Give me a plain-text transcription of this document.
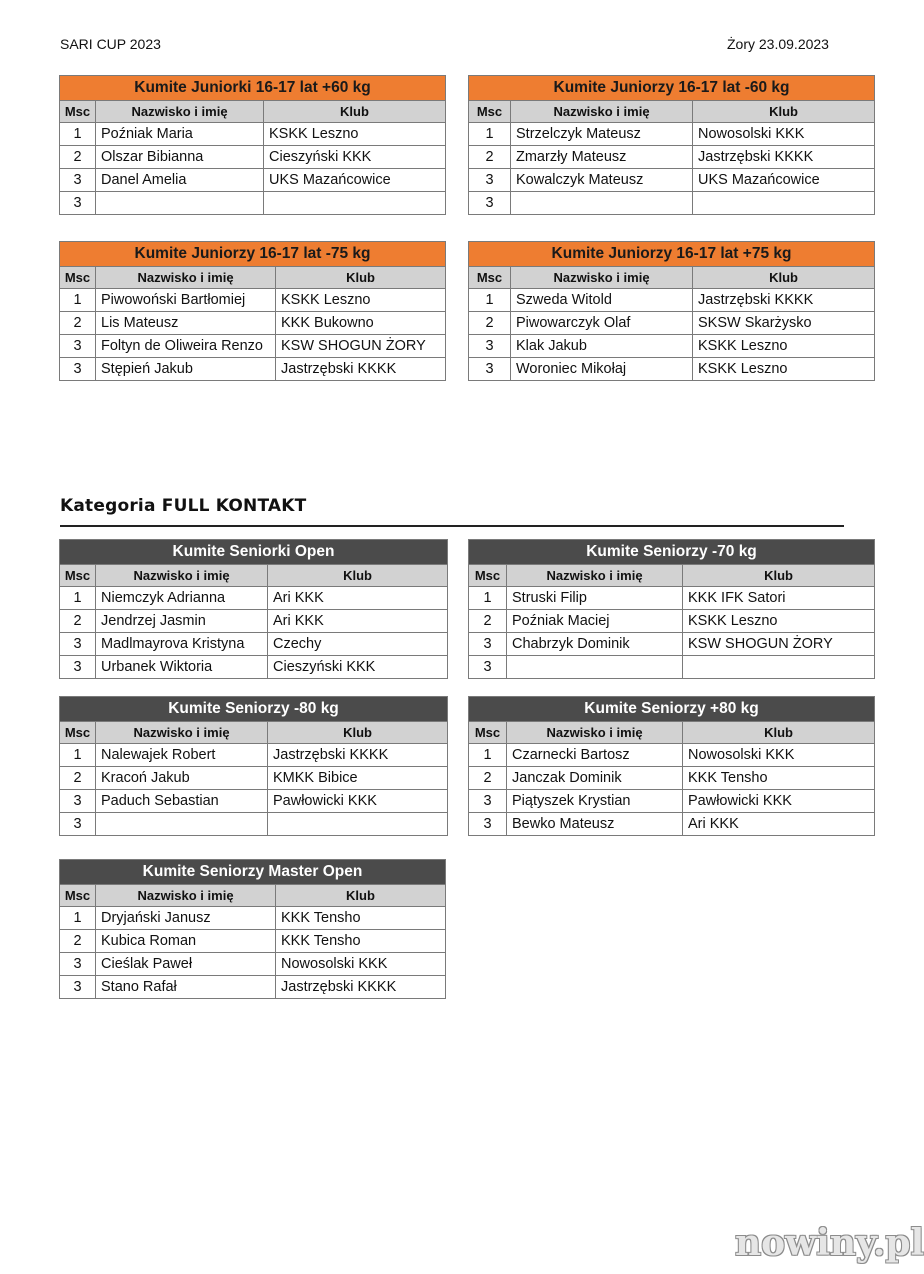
SARI CUP 2023	Żory 23.09.2023
Kategoria FULL KONTAKT
Kumite Juniorki 16-17 lat +60 kg		
Msc	Nazwisko i imię	Klub
1	Poźniak Maria	KSKK Leszno
2	Olszar Bibianna	Cieszyński KKK
3	Danel Amelia	UKS Mazańcowice
3		
Kumite Juniorzy 16-17 lat -60 kg		
Msc	Nazwisko i imię	Klub
1	Strzelczyk Mateusz	Nowosolski KKK
2	Zmarzły Mateusz	Jastrzębski KKKK
3	Kowalczyk Mateusz	UKS Mazańcowice
3		
Kumite Juniorzy 16-17 lat -75 kg		
Msc	Nazwisko i imię	Klub
1	Piwowoński Bartłomiej	KSKK Leszno
2	Lis Mateusz	KKK Bukowno
3	Foltyn de Oliweira Renzo	KSW SHOGUN ŻORY
3	Stępień Jakub	Jastrzębski KKKK
Kumite Juniorzy 16-17 lat +75 kg		
Msc	Nazwisko i imię	Klub
1	Szweda Witold	Jastrzębski KKKK
2	Piwowarczyk Olaf	SKSW Skarżysko
3	Klak Jakub	KSKK Leszno
3	Woroniec Mikołaj	KSKK Leszno
Kumite Seniorki Open		
Msc	Nazwisko i imię	Klub
1	Niemczyk Adrianna	Ari KKK
2	Jendrzej Jasmin	Ari KKK
3	Madlmayrova Kristyna	Czechy
3	Urbanek Wiktoria	Cieszyński KKK
Kumite Seniorzy -70 kg		
Msc	Nazwisko i imię	Klub
1	Struski Filip	KKK IFK Satori
2	Poźniak Maciej	KSKK Leszno
3	Chabrzyk Dominik	KSW SHOGUN ŻORY
3		
Kumite Seniorzy -80 kg		
Msc	Nazwisko i imię	Klub
1	Nalewajek Robert	Jastrzębski KKKK
2	Kracoń Jakub	KMKK Bibice
3	Paduch Sebastian	Pawłowicki KKK
3		
Kumite Seniorzy +80 kg		
Msc	Nazwisko i imię	Klub
1	Czarnecki Bartosz	Nowosolski KKK
2	Janczak Dominik	KKK Tensho
3	Piątyszek Krystian	Pawłowicki KKK
3	Bewko Mateusz	Ari KKK
Kumite Seniorzy Master Open		
Msc	Nazwisko i imię	Klub
1	Dryjański Janusz	KKK Tensho
2	Kubica Roman	KKK Tensho
3	Cieślak Paweł	Nowosolski KKK
3	Stano Rafał	Jastrzębski KKKK
nowiny.pl
